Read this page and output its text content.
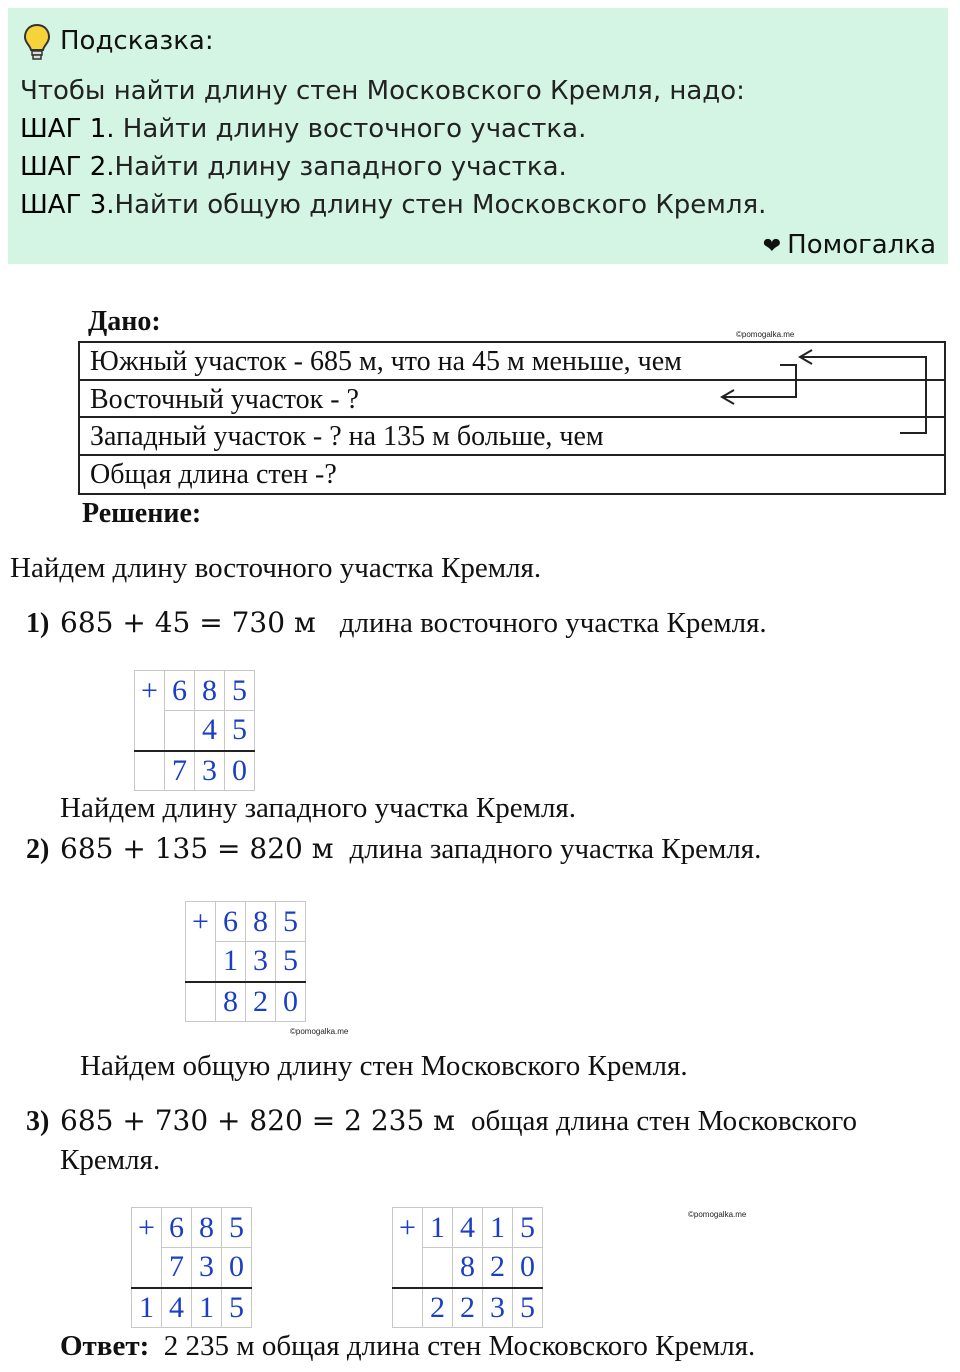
Подсказка:
Чтобы найти длину стен Московского Кремля, надо:
ШАГ 1. Найти длину восточного участка.
ШАГ 2.Найти длину западного участка.
ШАГ 3.Найти общую длину стен Московского Кремля.
❤ Помогалка
©pomogalka.me
©pomogalka.me
©pomogalka.me
Дано:
Южный участок - 685 м, что на 45 м меньше, чем
Восточный участок - ?
Западный участок - ? на 135 м больше, чем
Общая длина стен -?
Решение:
Найдем длину восточного участка Кремля.
1) 685 + 45 = 730 м длина восточного участка Кремля.
+	6	8	5
		4	5
	7	3	0
Найдем длину западного участка Кремля.
2) 685 + 135 = 820 м длина западного участка Кремля.
+	6	8	5
	1	3	5
	8	2	0
Найдем общую длину стен Московского Кремля.
3) 685 + 730 + 820 = 2 235 м общая длина стен Московского
Кремля.
+	6	8	5
	7	3	0
1	4	1	5
+	1	4	1	5
		8	2	0
	2	2	3	5
Ответ: 2 235 м общая длина стен Московского Кремля.
